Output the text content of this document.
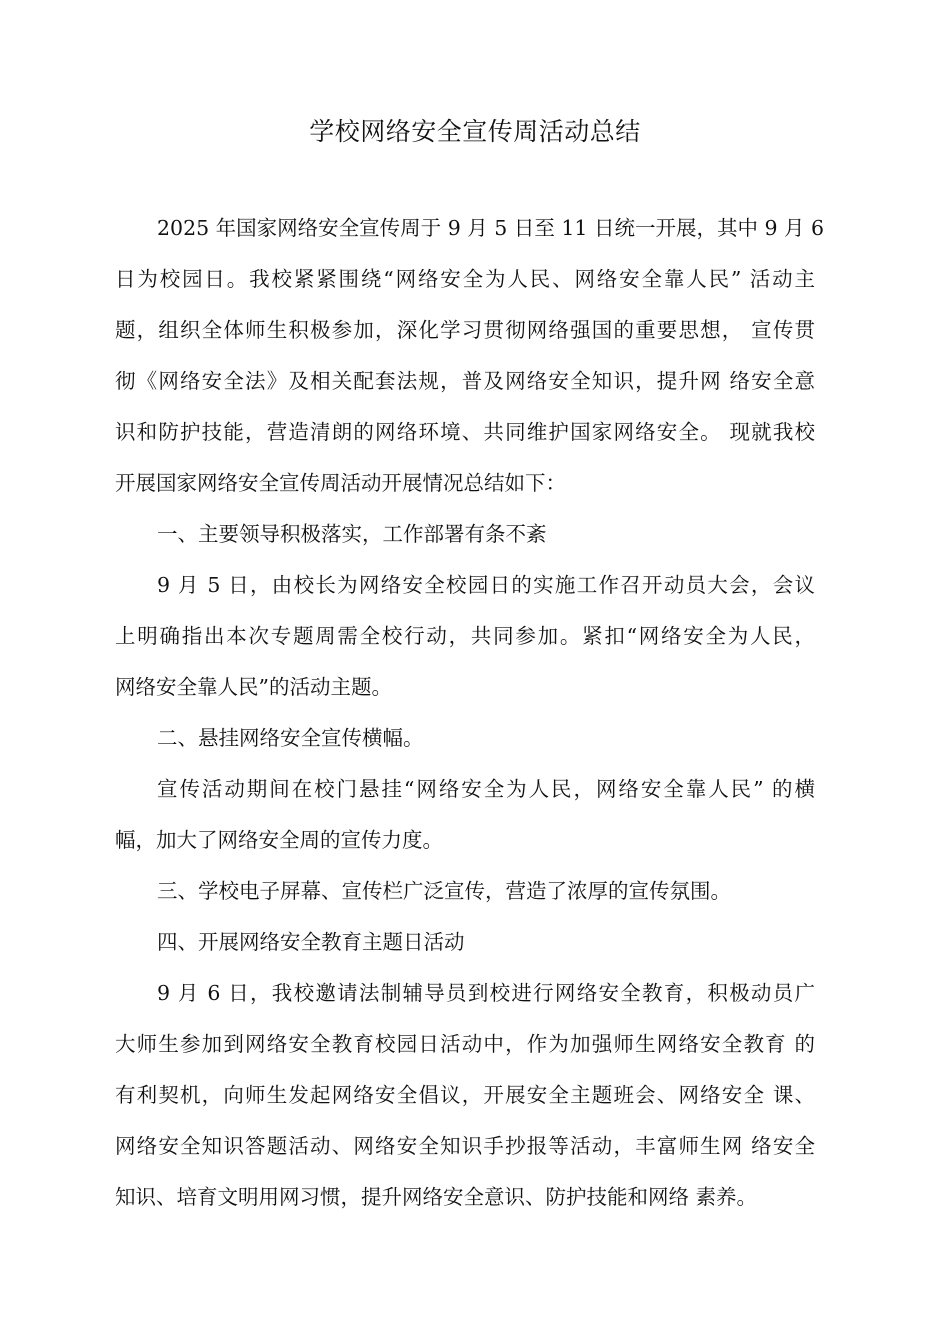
学校网络安全宣传周活动总结

2025 年国家网络安全宣传周于 9 月 5 日至 11 日统一开展，其中 9 月 6

日为校园日。我校紧紧围绕“网络安全为人民、网络安全靠人民” 活动主

题，组织全体师生积极参加，深化学习贯彻网络强国的重要思想， 宣传贯

彻《网络安全法》及相关配套法规，普及网络安全知识，提升网 络安全意

识和防护技能，营造清朗的网络环境、共同维护国家网络安全。 现就我校

开展国家网络安全宣传周活动开展情况总结如下：

一、主要领导积极落实，工作部署有条不紊

9 月 5 日，由校长为网络安全校园日的实施工作召开动员大会，会议

上明确指出本次专题周需全校行动，共同参加。紧扣“网络安全为人民，

网络安全靠人民”的活动主题。

二、悬挂网络安全宣传横幅。

宣传活动期间在校门悬挂“网络安全为人民，网络安全靠人民” 的横

幅，加大了网络安全周的宣传力度。

三、学校电子屏幕、宣传栏广泛宣传，营造了浓厚的宣传氛围。

四、开展网络安全教育主题日活动

9 月 6 日，我校邀请法制辅导员到校进行网络安全教育，积极动员广

大师生参加到网络安全教育校园日活动中，作为加强师生网络安全教育 的

有利契机，向师生发起网络安全倡议，开展安全主题班会、网络安全 课、

网络安全知识答题活动、网络安全知识手抄报等活动，丰富师生网 络安全

知识、培育文明用网习惯，提升网络安全意识、防护技能和网络 素养。
